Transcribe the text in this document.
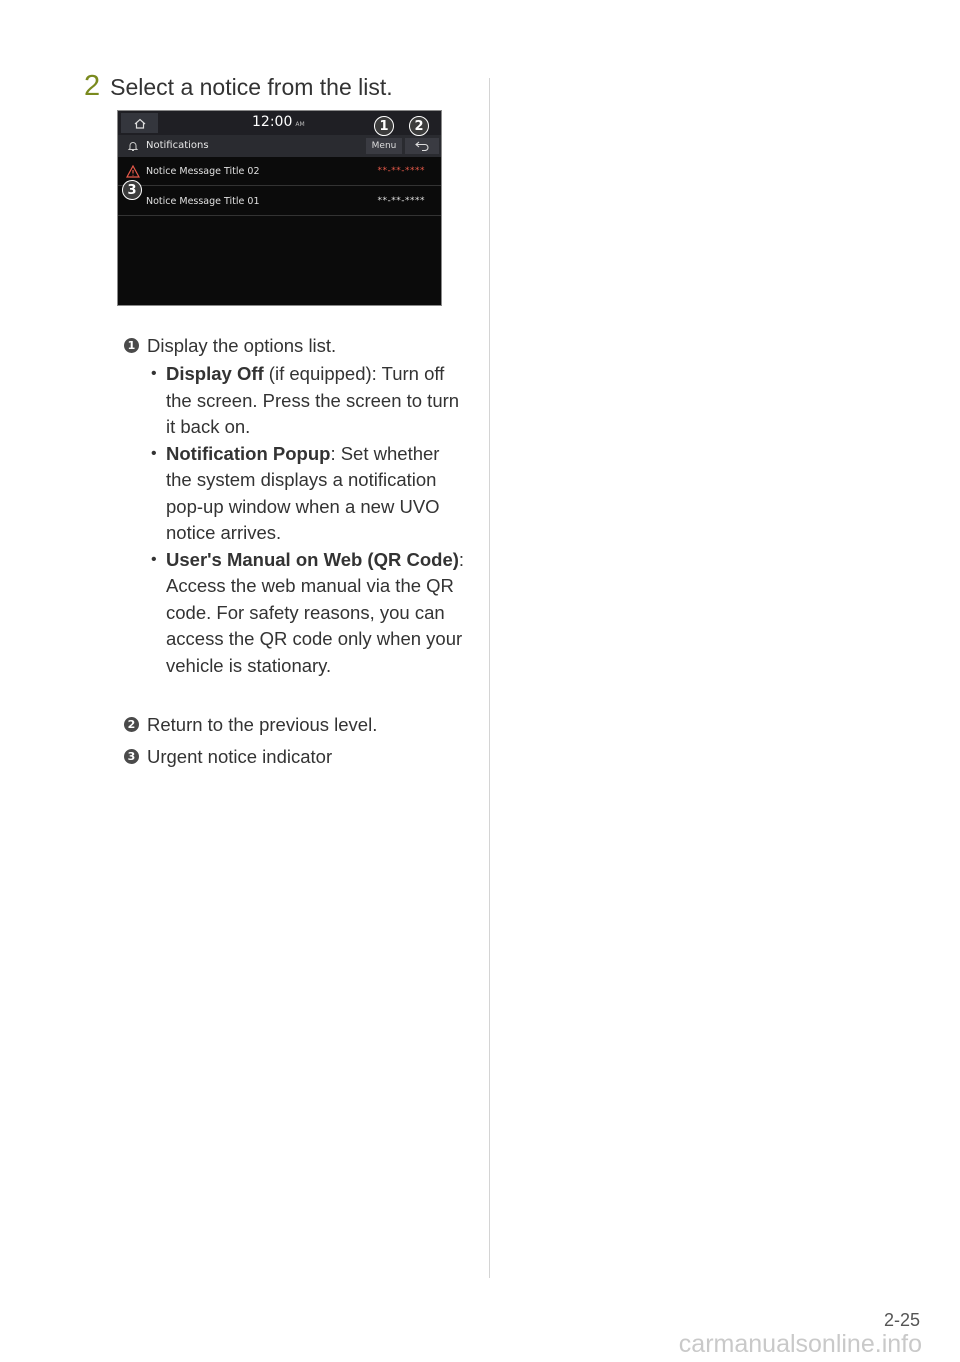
2 Select a notice from the list.
12:00 AM
Notifications	Menu
Notice Message Title 02	**-**-****
Notice Message Title 01	**-**-****
1	2
3
1 Display the options list.
• Display Off (if equipped): Turn off the screen. Press the screen to turn it back on.
• Notification Popup: Set whether the system displays a notification pop-up window when a new UVO notice arrives.
• User's Manual on Web (QR Code): Access the web manual via the QR code. For safety reasons, you can access the QR code only when your vehicle is stationary.
2 Return to the previous level.
3 Urgent notice indicator
2-25
carmanualsonline.info
